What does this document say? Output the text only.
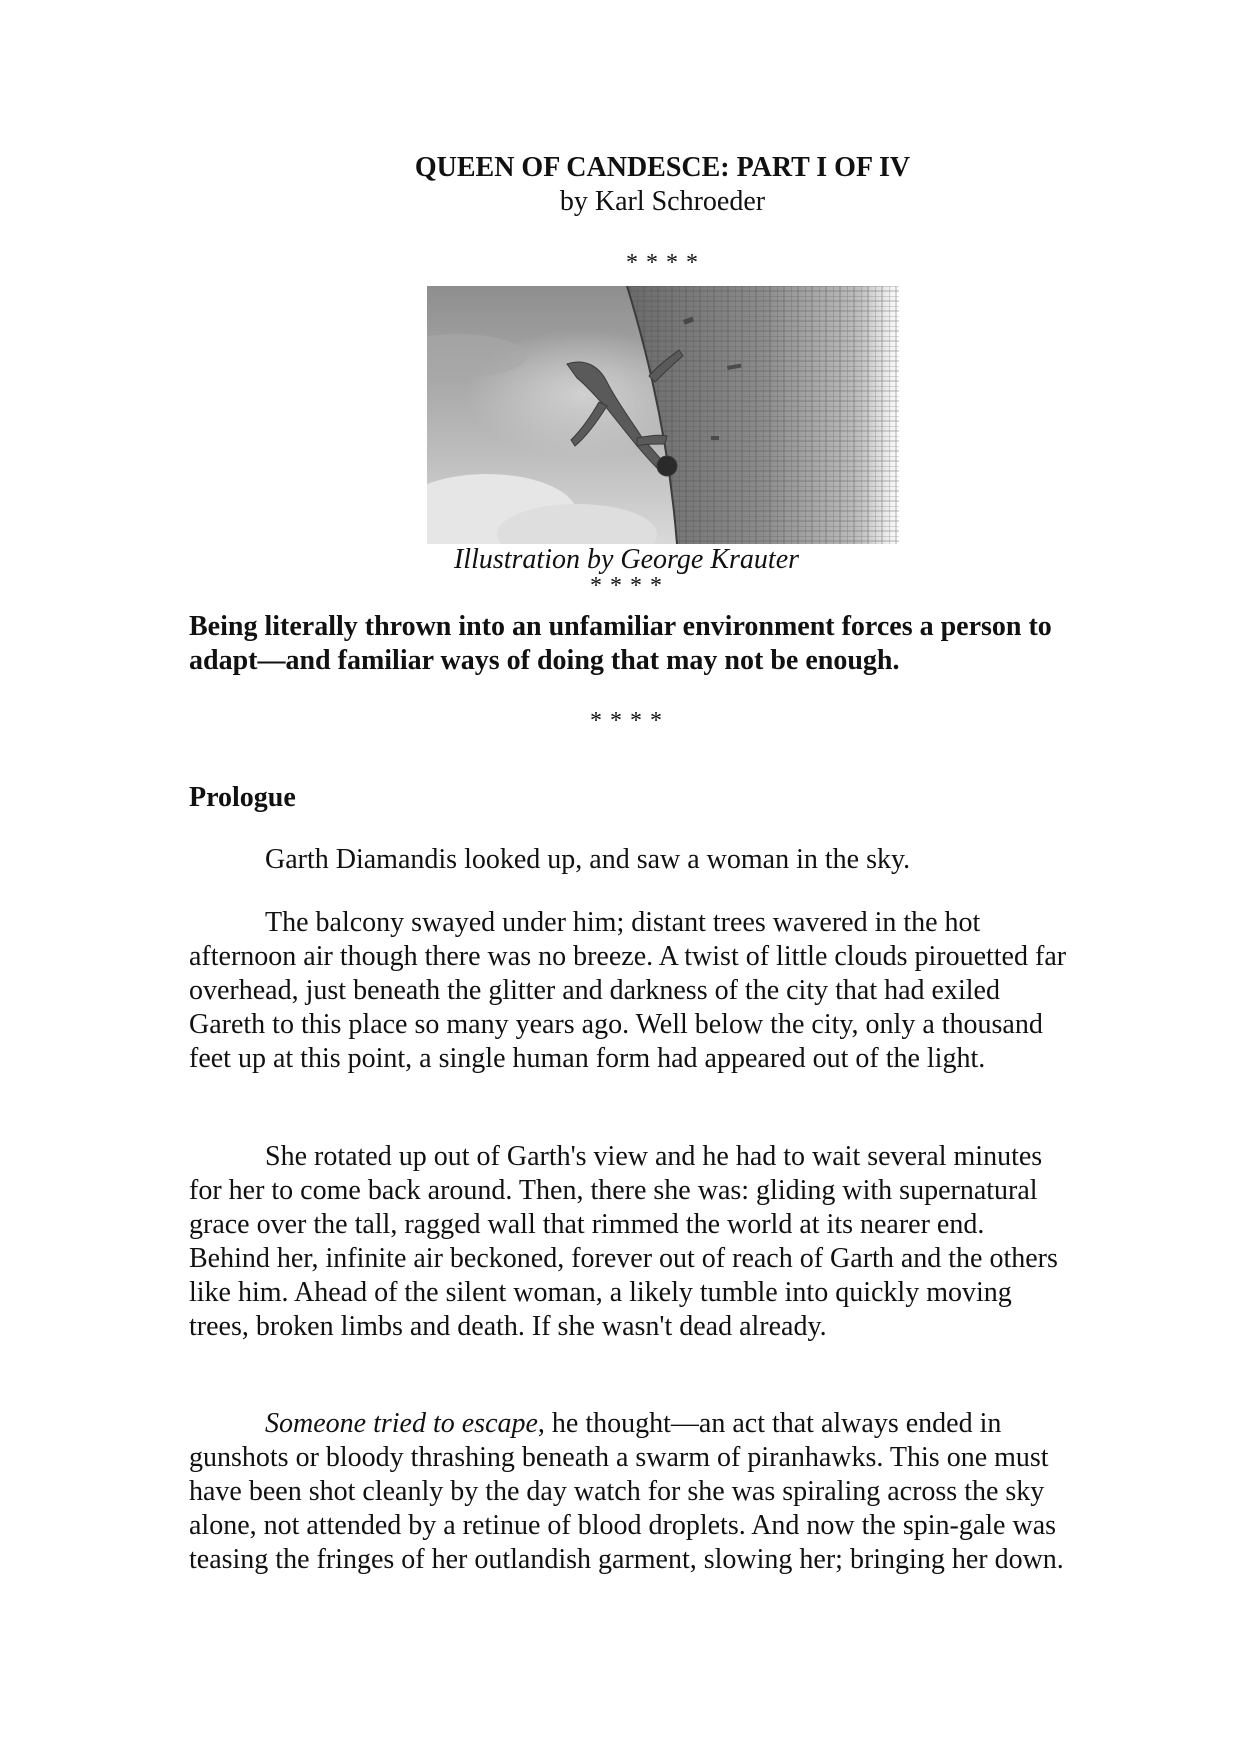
QUEEN OF CANDESCE: PART I OF IV
by Karl Schroeder
* * * *
Illustration by George Krauter
* * * *
Being literally thrown into an unfamiliar environment forces a person to adapt—and familiar ways of doing that may not be enough.
* * * *
Prologue

Garth Diamandis looked up, and saw a woman in the sky.

The balcony swayed under him; distant trees wavered in the hot afternoon air though there was no breeze. A twist of little clouds pirouetted far overhead, just beneath the glitter and darkness of the city that had exiled Gareth to this place so many years ago. Well below the city, only a thousand feet up at this point, a single human form had appeared out of the light.

She rotated up out of Garth's view and he had to wait several minutes for her to come back around. Then, there she was: gliding with supernatural grace over the tall, ragged wall that rimmed the world at its nearer end. Behind her, infinite air beckoned, forever out of reach of Garth and the others like him. Ahead of the silent woman, a likely tumble into quickly moving trees, broken limbs and death. If she wasn't dead already.

Someone tried to escape, he thought—an act that always ended in gunshots or bloody thrashing beneath a swarm of piranhawks. This one must have been shot cleanly by the day watch for she was spiraling across the sky alone, not attended by a retinue of blood droplets. And now the spin-gale was teasing the fringes of her outlandish garment, slowing her; bringing her down.
